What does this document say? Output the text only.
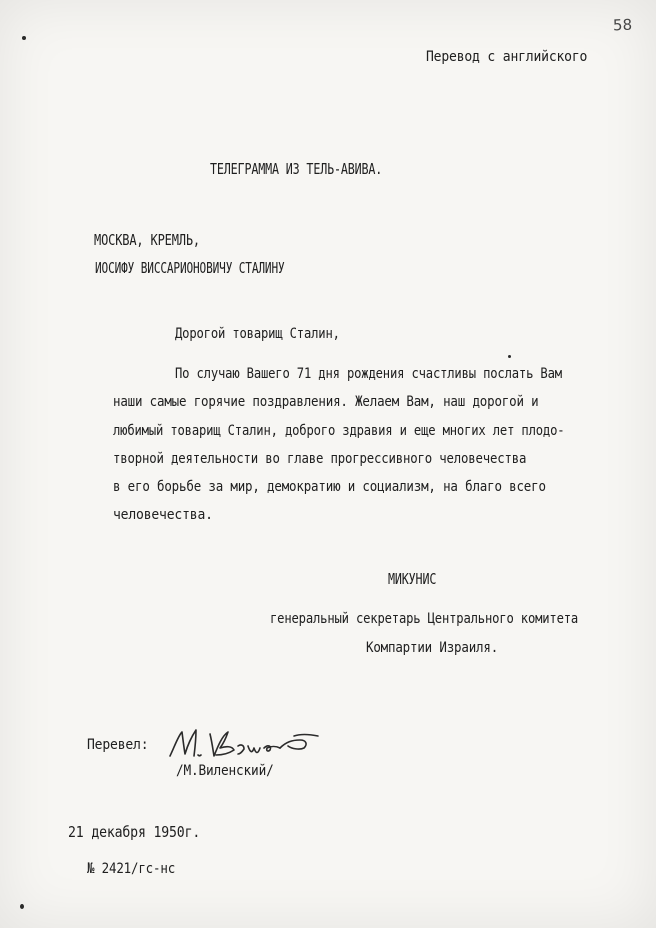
58
Перевод с английского
ТЕЛЕГРАММА ИЗ ТЕЛЬ-АВИВА.
МОСКВА, КРЕМЛЬ,
ИОСИФУ ВИССАРИОНОВИЧУ СТАЛИНУ
Дорогой товарищ Сталин,
По случаю Вашего 71 дня рождения счастливы послать Вам
наши самые горячие поздравления. Желаем Вам, наш дорогой и
любимый товарищ Сталин, доброго здравия и еще многих лет плодо-
творной деятельности во главе прогрессивного человечества
в его борьбе за мир, демократию и социализм, на благо всего
человечества.
МИКУНИС
генеральный секретарь Центрального комитета
Компартии Израиля.
Перевел:
/М.Виленский/
21 декабря 1950г.
№ 2421/гс-нс
